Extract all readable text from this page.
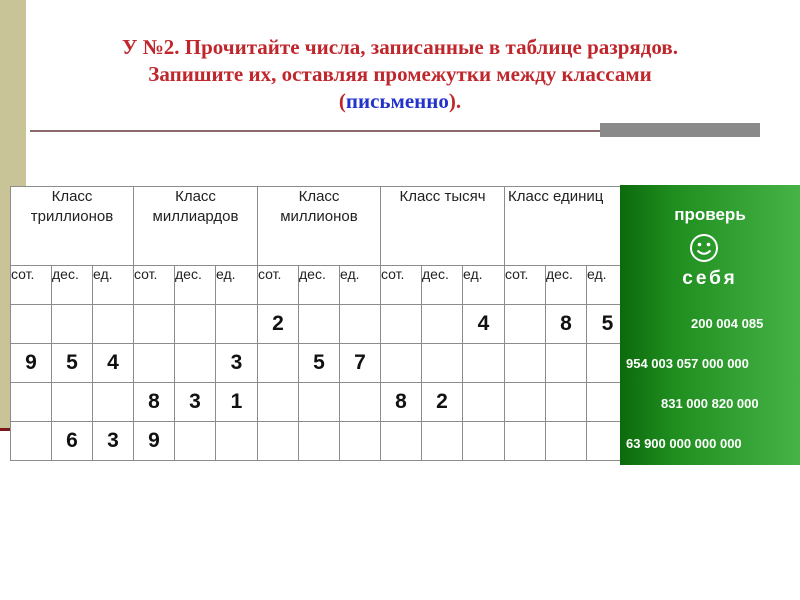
У №2. Прочитайте числа, записанные в таблице разрядов.
Запишите их, оставляя промежутки между классами
(письменно).
Класс триллионов			Класс миллиардов			Класс миллионов			Класс тысяч			Класс единиц		
сот.	дес.	ед.	сот.	дес.	ед.	сот.	дес.	ед.	сот.	дес.	ед.	сот.	дес.	ед.
						2					4		8	5
9	5	4			3		5	7						
			8	3	1				8	2				
	6	3	9											
проверь
себя
200 004 085
954 003 057 000 000
831 000 820 000
63 900 000 000 000
